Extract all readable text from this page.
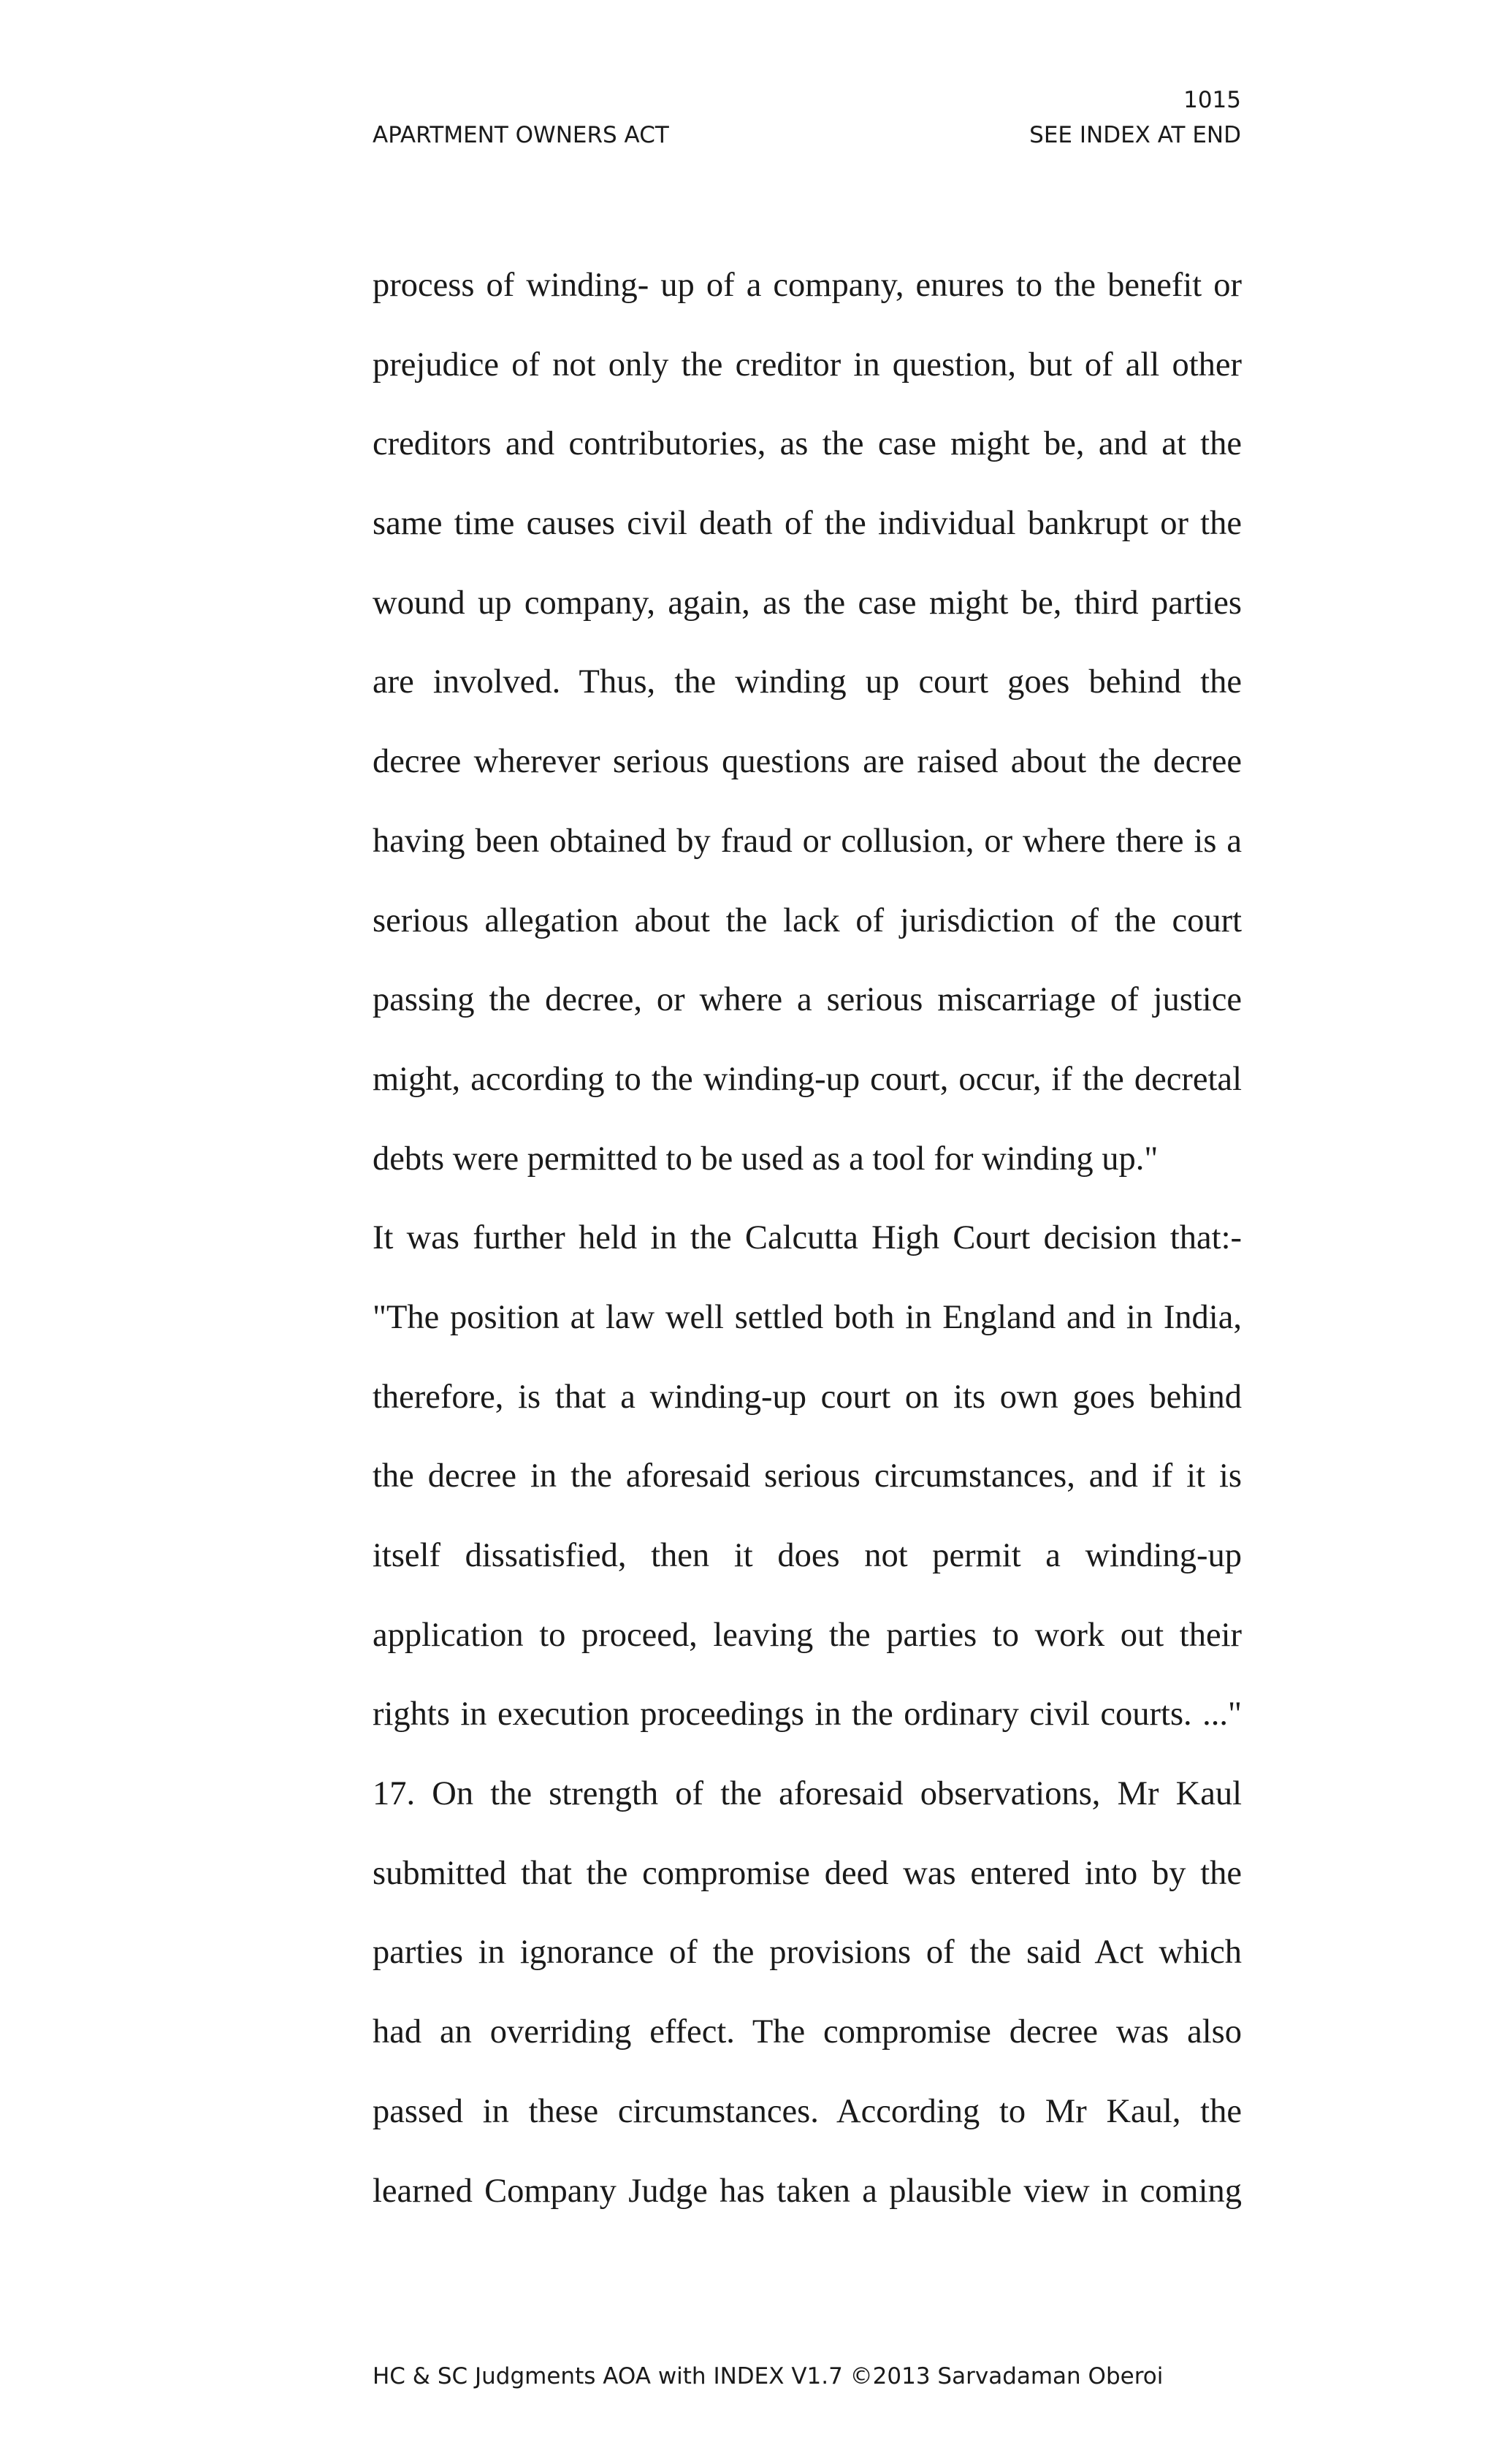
1015
APARTMENT OWNERS ACT	SEE INDEX AT END
process of winding- up of a company, enures to the benefit or
prejudice of not only the creditor in question, but of all other
creditors and contributories, as the case might be, and at the
same time causes civil death of the individual bankrupt or the
wound up company, again, as the case might be, third parties
are involved. Thus, the winding up court goes behind the
decree wherever serious questions are raised about the decree
having been obtained by fraud or collusion, or where there is a
serious allegation about the lack of jurisdiction of the court
passing the decree, or where a serious miscarriage of justice
might, according to the winding-up court, occur, if the decretal
debts were permitted to be used as a tool for winding up."
It was further held in the Calcutta High Court decision that:-
"The position at law well settled both in England and in India,
therefore, is that a winding-up court on its own goes behind
the decree in the aforesaid serious circumstances, and if it is
itself dissatisfied, then it does not permit a winding-up
application to proceed, leaving the parties to work out their
rights in execution proceedings in the ordinary civil courts. ..."
17. On the strength of the aforesaid observations, Mr Kaul
submitted that the compromise deed was entered into by the
parties in ignorance of the provisions of the said Act which
had an overriding effect. The compromise decree was also
passed in these circumstances. According to Mr Kaul, the
learned Company Judge has taken a plausible view in coming
HC & SC Judgments AOA with INDEX V1.7 ©2013 Sarvadaman Oberoi
